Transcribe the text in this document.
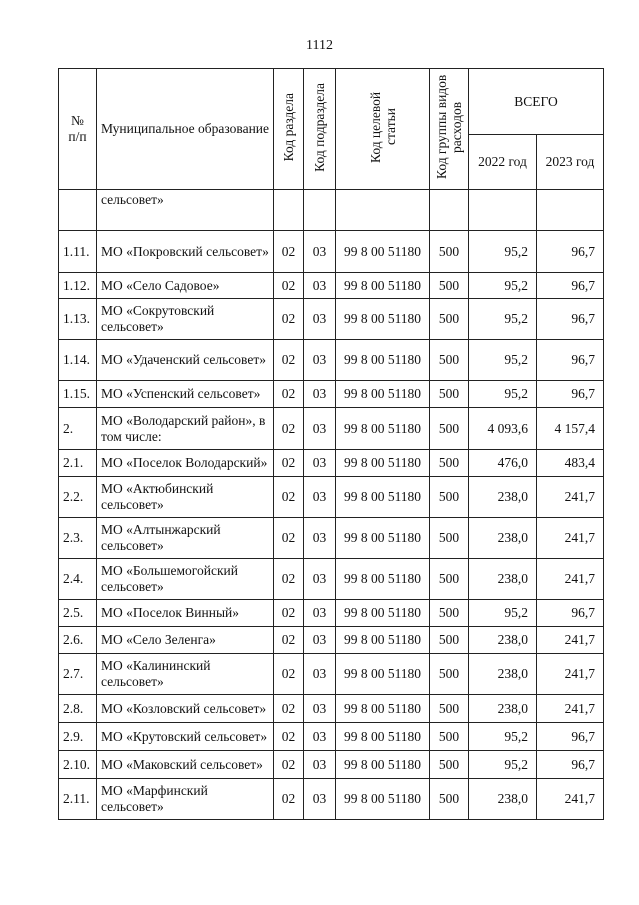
1112
№
п/п	Муниципальное образование	Код раздела	Код подраздела	Код целевой статьи	Код группы видов расходов	ВСЕГО	
						2022 год	2023 год
	сельсовет»						
1.11.	МО «Покровский сельсовет»	02	03	99 8 00 51180	500	95,2	96,7
1.12.	МО «Село Садовое»	02	03	99 8 00 51180	500	95,2	96,7
1.13.	МО «Сокрутовский сельсовет»	02	03	99 8 00 51180	500	95,2	96,7
1.14.	МО «Удаченский сельсовет»	02	03	99 8 00 51180	500	95,2	96,7
1.15.	МО «Успенский сельсовет»	02	03	99 8 00 51180	500	95,2	96,7
2.	МО «Володарский район», в том числе:	02	03	99 8 00 51180	500	4 093,6	4 157,4
2.1.	МО «Поселок Володарский»	02	03	99 8 00 51180	500	476,0	483,4
2.2.	МО «Актюбинский сельсовет»	02	03	99 8 00 51180	500	238,0	241,7
2.3.	МО «Алтынжарский сельсовет»	02	03	99 8 00 51180	500	238,0	241,7
2.4.	МО «Большемогойский сельсовет»	02	03	99 8 00 51180	500	238,0	241,7
2.5.	МО «Поселок Винный»	02	03	99 8 00 51180	500	95,2	96,7
2.6.	МО «Село Зеленга»	02	03	99 8 00 51180	500	238,0	241,7
2.7.	МО «Калининский сельсовет»	02	03	99 8 00 51180	500	238,0	241,7
2.8.	МО «Козловский сельсовет»	02	03	99 8 00 51180	500	238,0	241,7
2.9.	МО «Крутовский сельсовет»	02	03	99 8 00 51180	500	95,2	96,7
2.10.	МО «Маковский сельсовет»	02	03	99 8 00 51180	500	95,2	96,7
2.11.	МО «Марфинский сельсовет»	02	03	99 8 00 51180	500	238,0	241,7
